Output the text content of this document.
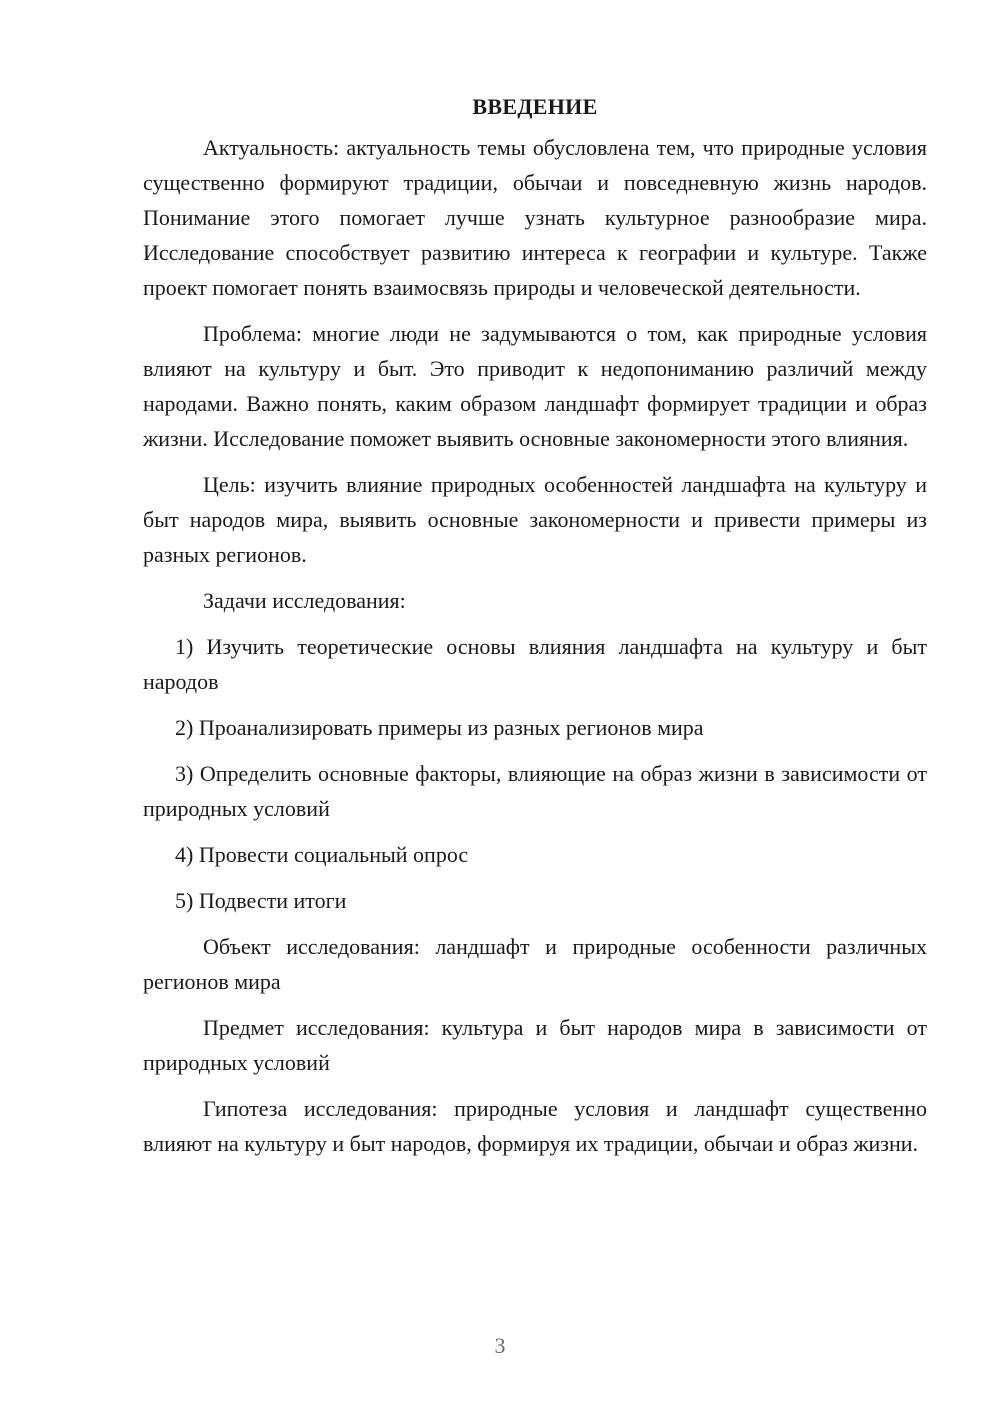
ВВЕДЕНИЕ

Актуальность: актуальность темы обусловлена тем, что природные условия существенно формируют традиции, обычаи и повседневную жизнь народов. Понимание этого помогает лучше узнать культурное разнообразие мира. Исследование способствует развитию интереса к географии и культуре. Также проект помогает понять взаимосвязь природы и человеческой деятельности.

Проблема: многие люди не задумываются о том, как природные условия влияют на культуру и быт. Это приводит к недопониманию различий между народами. Важно понять, каким образом ландшафт формирует традиции и образ жизни. Исследование поможет выявить основные закономерности этого влияния.

Цель: изучить влияние природных особенностей ландшафта на культуру и быт народов мира, выявить основные закономерности и привести примеры из разных регионов.

Задачи исследования:

1) Изучить теоретические основы влияния ландшафта на культуру и быт народов

2) Проанализировать примеры из разных регионов мира

3) Определить основные факторы, влияющие на образ жизни в зависимости от природных условий

4) Провести социальный опрос

5) Подвести итоги

Объект исследования: ландшафт и природные особенности различных регионов мира

Предмет исследования: культура и быт народов мира в зависимости от природных условий

Гипотеза исследования: природные условия и ландшафт существенно влияют на культуру и быт народов, формируя их традиции, обычаи и образ жизни.

3
